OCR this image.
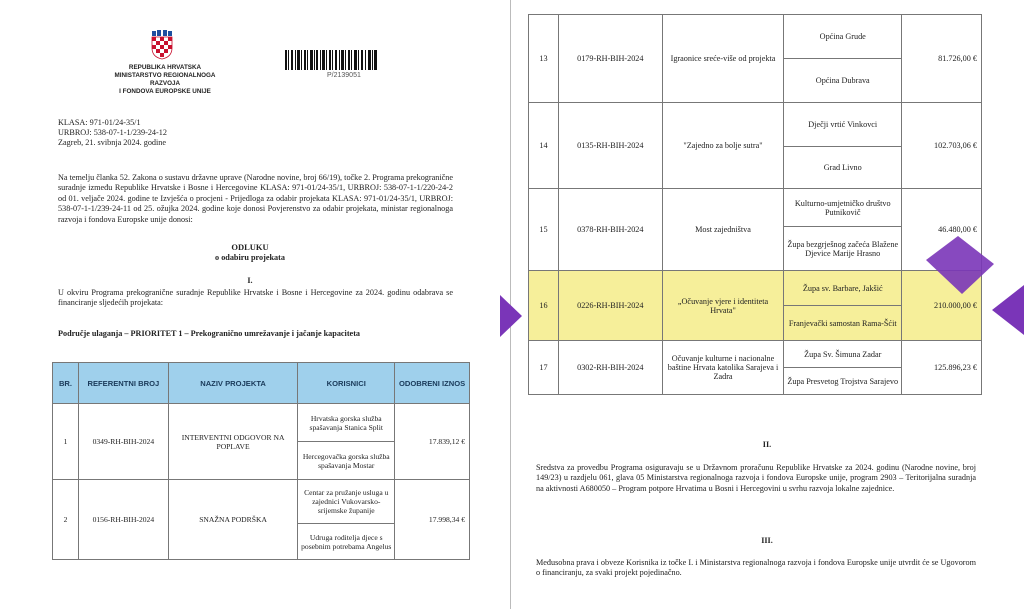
REPUBLIKA HRVATSKA
MINISTARSTVO REGIONALNOGA RAZVOJA
I FONDOVA EUROPSKE UNIJE
P/2139051
KLASA: 971-01/24-35/1
URBROJ: 538-07-1-1/239-24-12
Zagreb, 21. svibnja 2024. godine
Na temelju članka 52. Zakona o sustavu državne uprave (Narodne novine, broj 66/19), točke 2. Programa prekogranične suradnje između Republike Hrvatske i Bosne i Hercegovine KLASA: 971-01/24-35/1, URBROJ: 538-07-1-1/220-24-2 od 01. veljače 2024. godine te Izvješća o procjeni - Prijedloga za odabir projekata KLASA: 971-01/24-35/1, URBROJ: 538-07-1-1/239-24-11 od 25. ožujka 2024. godine koje donosi Povjerenstvo za odabir projekata, ministar regionalnoga razvoja i fondova Europske unije donosi:
ODLUKU
o odabiru projekata
I.
U okviru Programa prekogranične suradnje Republike Hrvatske i Bosne i Hercegovine za 2024. godinu odabrava se financiranje sljedećih projekata:
Područje ulaganja – PRIORITET 1 – Prekogranično umrežavanje i jačanje kapaciteta
BR.	REFERENTNI BROJ	NAZIV PROJEKTA	KORISNICI	ODOBRENI IZNOS
1	0349-RH-BIH-2024	INTERVENTNI ODGOVOR NA POPLAVE	Hrvatska gorska služba spašavanja Stanica Split	17.839,12 €
			Hercegovačka gorska služba spašavanja Mostar	
2	0156-RH-BIH-2024	SNAŽNA PODRŠKA	Centar za pružanje usluga u zajednici Vukovarsko-srijemske županije	17.998,34 €
			Udruga roditelja djece s posebnim potrebama Angelus	
13	0179-RH-BIH-2024	Igraonice sreće-više od projekta	Općina Grude	81.726,00 €
			Općina Dubrava	
14	0135-RH-BIH-2024	"Zajedno za bolje sutra"	Dječji vrtić Vinkovci	102.703,06 €
			Grad Livno	
15	0378-RH-BIH-2024	Most zajedništva	Kulturno-umjetničko društvo Putnikovič	46.480,00 €
			Župa bezgrješnog začeća Blažene Djevice Marije Hrasno	
16	0226-RH-BIH-2024	„Očuvanje vjere i identiteta Hrvata"	Župa sv. Barbare, Jakšić	210.000,00 €
			Franjevački samostan Rama-Šćit	
17	0302-RH-BIH-2024	Očuvanje kulturne i nacionalne baštine Hrvata katolika Sarajeva i Zadra	Župa Sv. Šimuna Zadar	125.896,23 €
			Župa Presvetog Trojstva Sarajevo	
II.
Sredstva za provedbu Programa osiguravaju se u Državnom proračunu Republike Hrvatske za 2024. godinu (Narodne novine, broj 149/23) u razdjelu 061, glava 05 Ministarstva regionalnoga razvoja i fondova Europske unije, program 2903 – Teritorijalna suradnja na aktivnosti A680050 – Program potpore Hrvatima u Bosni i Hercegovini u svrhu razvoja lokalne zajednice.
III.
Međusobna prava i obveze Korisnika iz točke I. i Ministarstva regionalnoga razvoja i fondova Europske unije utvrdit će se Ugovorom o financiranju, za svaki projekt pojedinačno.
